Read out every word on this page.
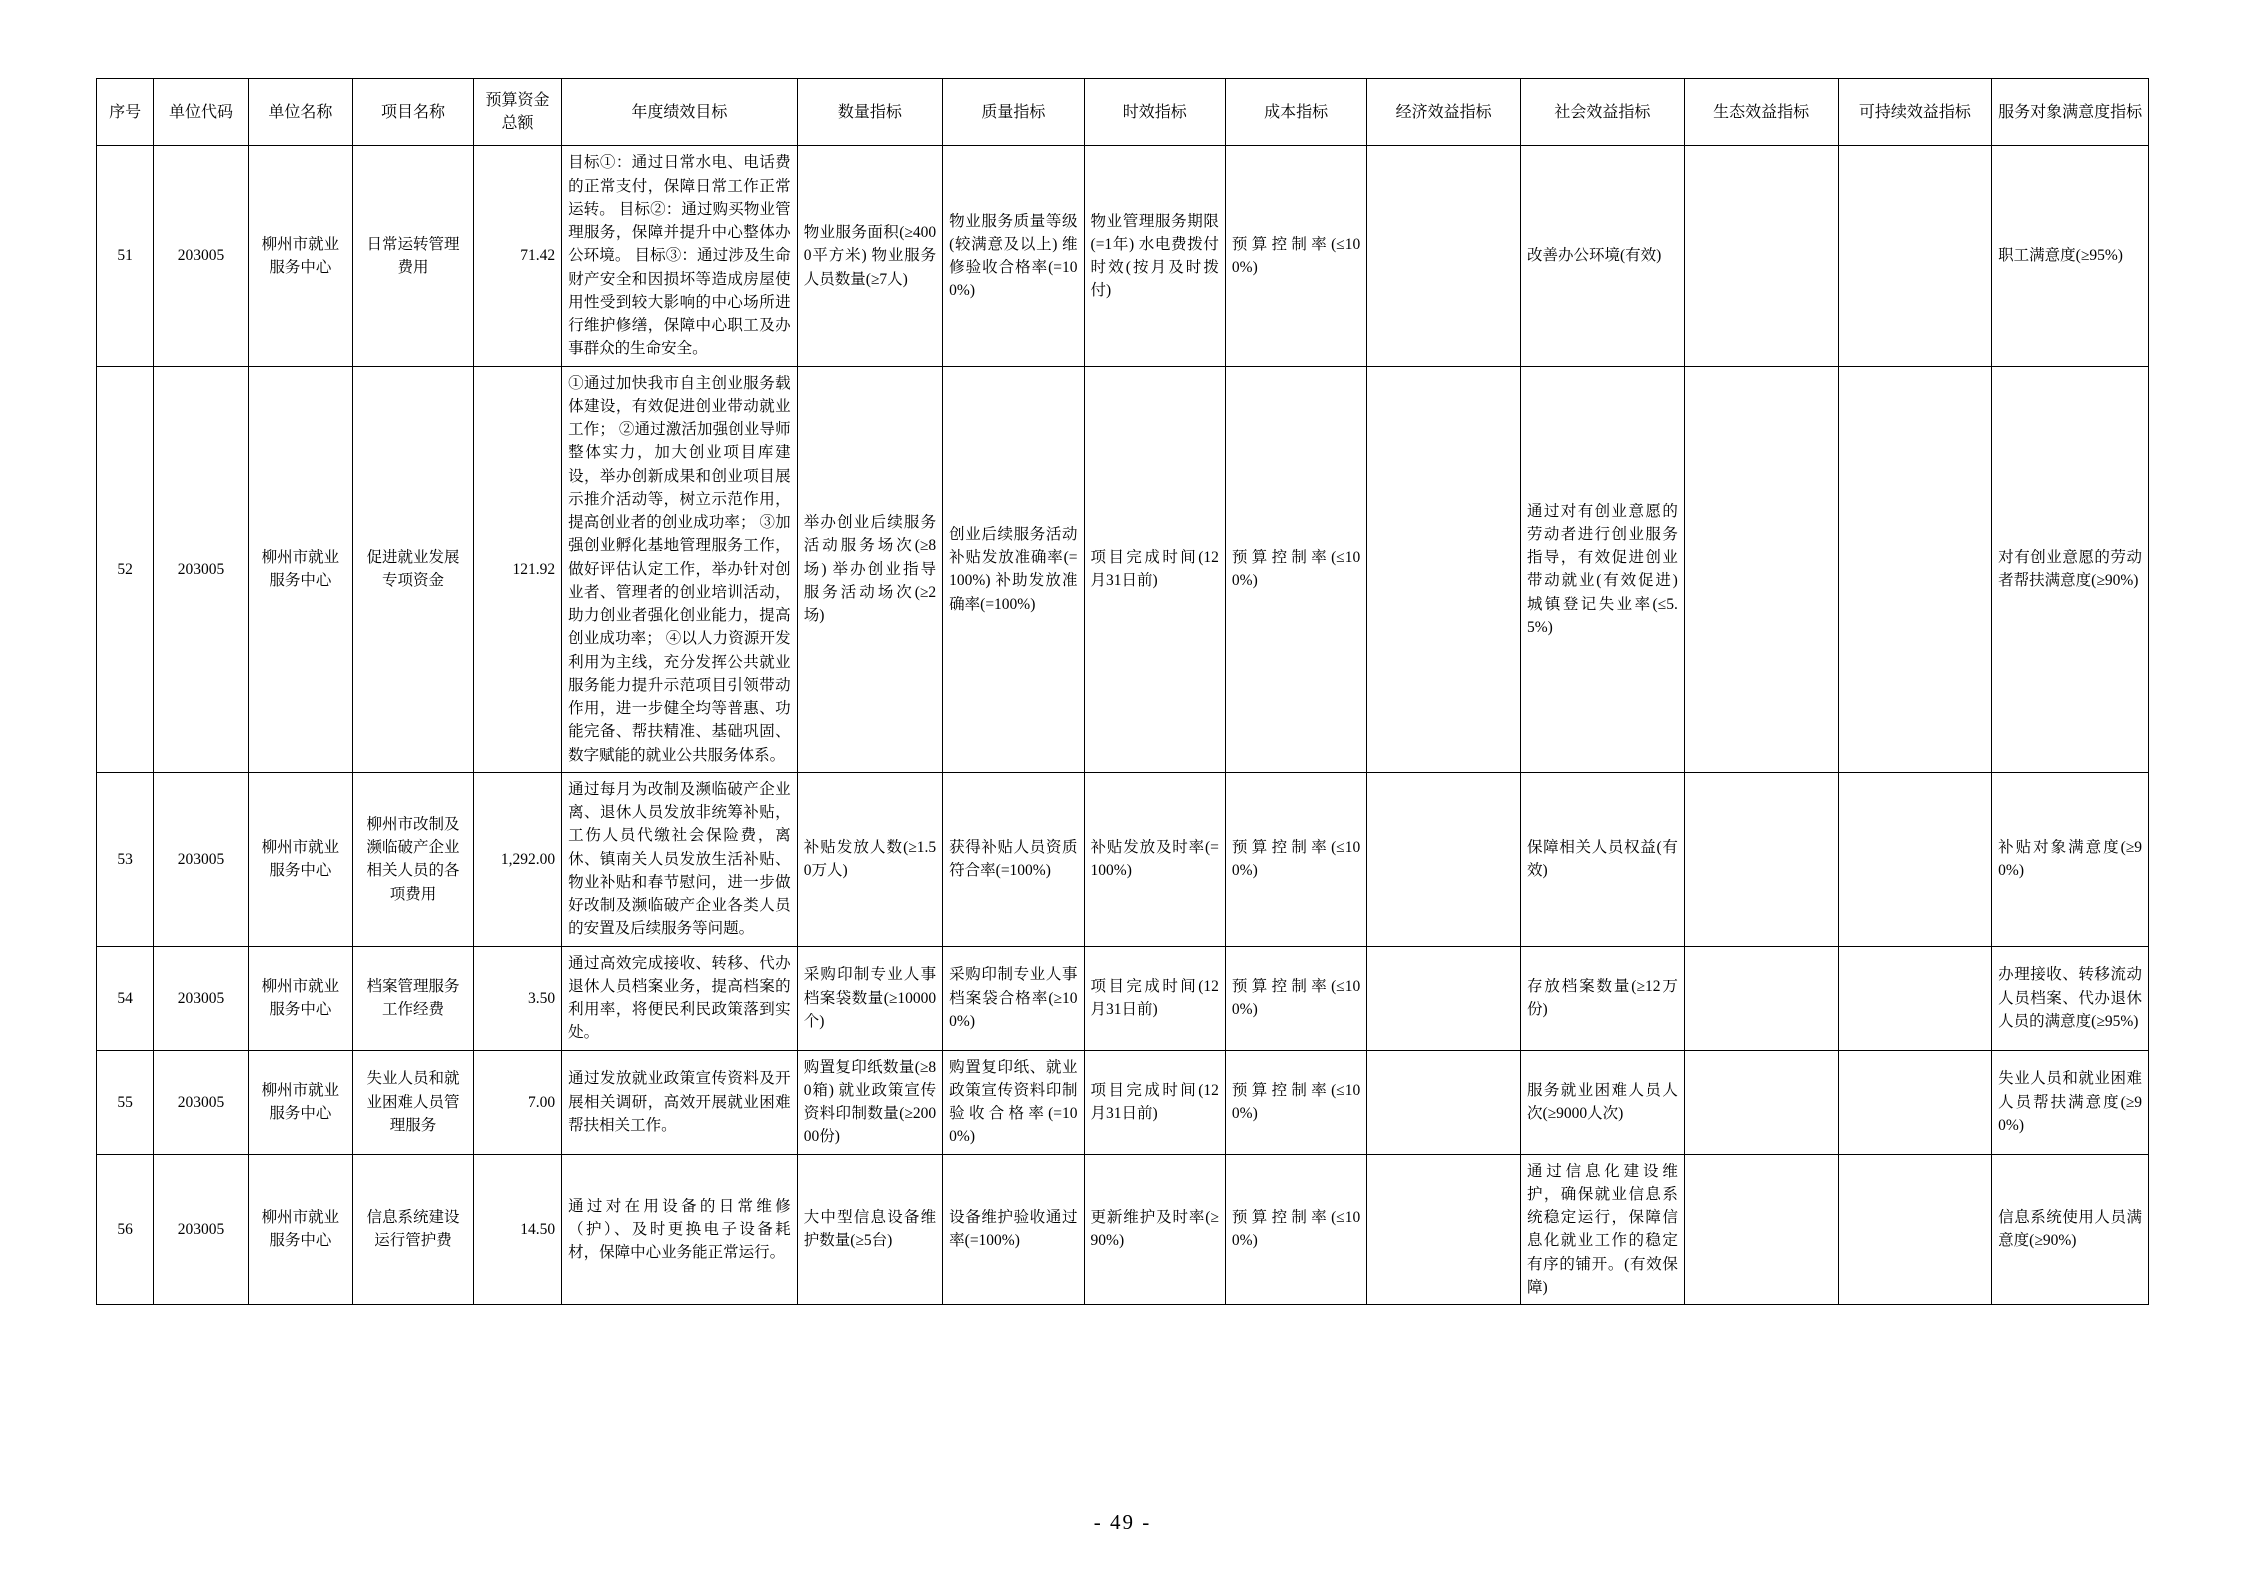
序号	单位代码	单位名称	项目名称	预算资金总额	年度绩效目标	数量指标	质量指标	时效指标	成本指标	经济效益指标	社会效益指标	生态效益指标	可持续效益指标	服务对象满意度指标
51	203005	柳州市就业服务中心	日常运转管理费用	71.42	目标①：通过日常水电、电话费的正常支付，保障日常工作正常运转。 目标②：通过购买物业管理服务，保障并提升中心整体办公环境。 目标③：通过涉及生命财产安全和因损坏等造成房屋使用性受到较大影响的中心场所进行维护修缮，保障中心职工及办事群众的生命安全。	物业服务面积(≥4000平方米) 物业服务人员数量(≥7人)	物业服务质量等级(较满意及以上) 维修验收合格率(=100%)	物业管理服务期限(=1年) 水电费拨付时效(按月及时拨付)	预算控制率(≤100%)		改善办公环境(有效)			职工满意度(≥95%)
52	203005	柳州市就业服务中心	促进就业发展专项资金	121.92	①通过加快我市自主创业服务载体建设，有效促进创业带动就业工作； ②通过激活加强创业导师整体实力，加大创业项目库建设，举办创新成果和创业项目展示推介活动等，树立示范作用，提高创业者的创业成功率； ③加强创业孵化基地管理服务工作，做好评估认定工作，举办针对创业者、管理者的创业培训活动，助力创业者强化创业能力，提高创业成功率； ④以人力资源开发利用为主线，充分发挥公共就业服务能力提升示范项目引领带动作用，进一步健全均等普惠、功能完备、帮扶精准、基础巩固、数字赋能的就业公共服务体系。	举办创业后续服务活动服务场次(≥8场) 举办创业指导服务活动场次(≥2场)	创业后续服务活动补贴发放准确率(=100%) 补助发放准确率(=100%)	项目完成时间(12月31日前)	预算控制率(≤100%)		通过对有创业意愿的劳动者进行创业服务指导，有效促进创业带动就业(有效促进) 城镇登记失业率(≤5.5%)			对有创业意愿的劳动者帮扶满意度(≥90%)
53	203005	柳州市就业服务中心	柳州市改制及濒临破产企业相关人员的各项费用	1,292.00	通过每月为改制及濒临破产企业离、退休人员发放非统筹补贴，工伤人员代缴社会保险费，离休、镇南关人员发放生活补贴、物业补贴和春节慰问，进一步做好改制及濒临破产企业各类人员的安置及后续服务等问题。	补贴发放人数(≥1.50万人)	获得补贴人员资质符合率(=100%)	补贴发放及时率(=100%)	预算控制率(≤100%)		保障相关人员权益(有效)			补贴对象满意度(≥90%)
54	203005	柳州市就业服务中心	档案管理服务工作经费	3.50	通过高效完成接收、转移、代办退休人员档案业务，提高档案的利用率，将便民利民政策落到实处。	采购印制专业人事档案袋数量(≥10000个)	采购印制专业人事档案袋合格率(≥100%)	项目完成时间(12月31日前)	预算控制率(≤100%)		存放档案数量(≥12万份)			办理接收、转移流动人员档案、代办退休人员的满意度(≥95%)
55	203005	柳州市就业服务中心	失业人员和就业困难人员管理服务	7.00	通过发放就业政策宣传资料及开展相关调研，高效开展就业困难帮扶相关工作。	购置复印纸数量(≥80箱) 就业政策宣传资料印制数量(≥20000份)	购置复印纸、就业政策宣传资料印制验收合格率(=100%)	项目完成时间(12月31日前)	预算控制率(≤100%)		服务就业困难人员人次(≥9000人次)			失业人员和就业困难人员帮扶满意度(≥90%)
56	203005	柳州市就业服务中心	信息系统建设运行管护费	14.50	通过对在用设备的日常维修（护）、及时更换电子设备耗材，保障中心业务能正常运行。	大中型信息设备维护数量(≥5台)	设备维护验收通过率(=100%)	更新维护及时率(≥90%)	预算控制率(≤100%)		通过信息化建设维护，确保就业信息系统稳定运行，保障信息化就业工作的稳定有序的铺开。(有效保障)			信息系统使用人员满意度(≥90%)
- 49 -
